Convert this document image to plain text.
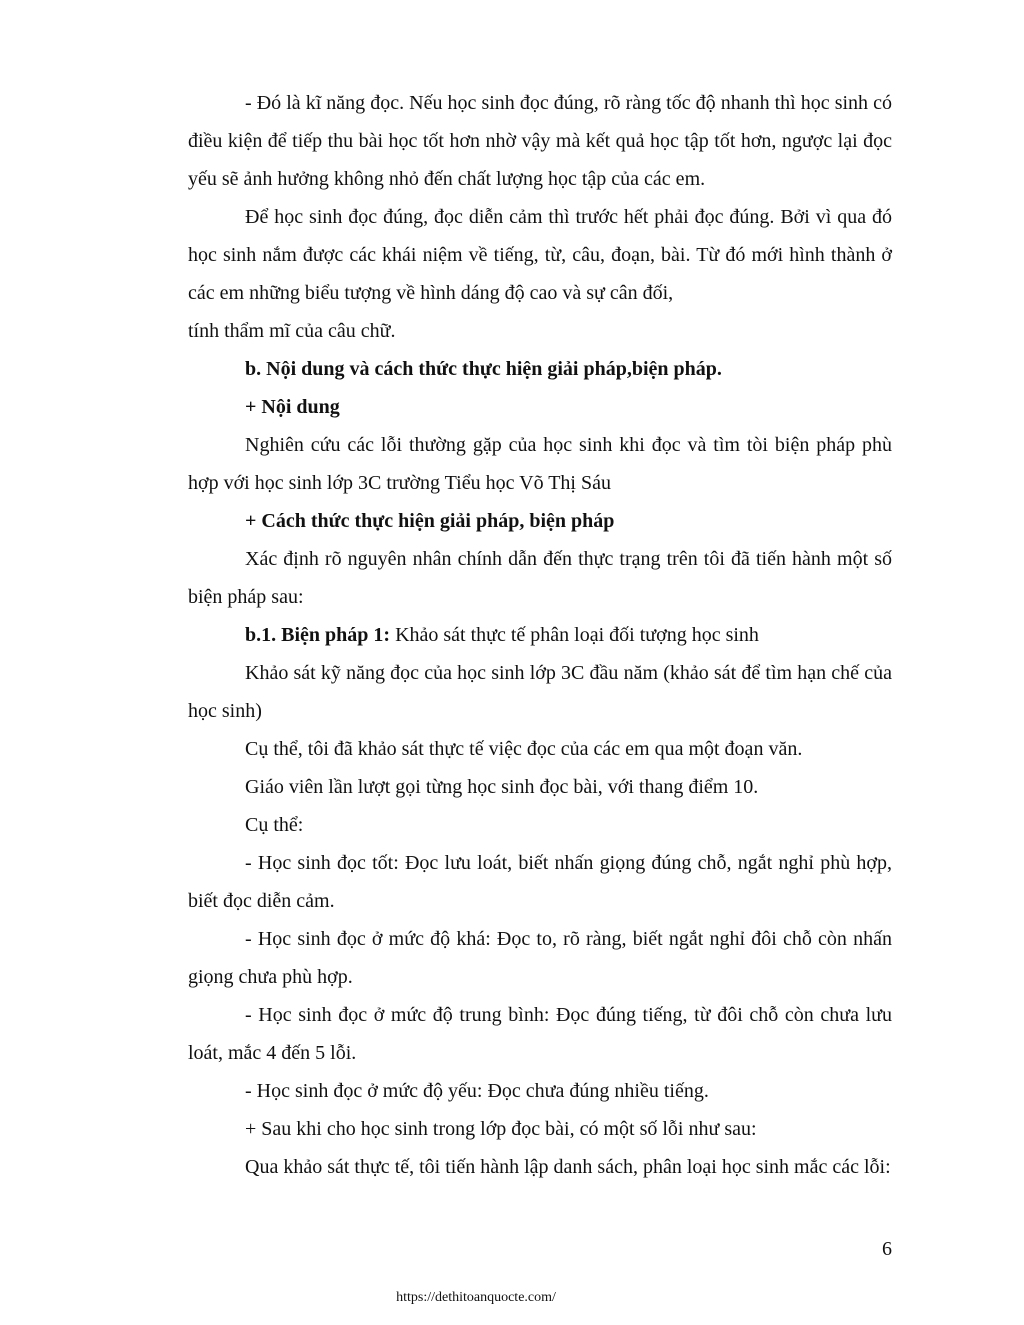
- Đó là kĩ năng đọc. Nếu học sinh đọc đúng, rõ ràng tốc độ nhanh thì học sinh có điều kiện để tiếp thu bài học tốt hơn nhờ vậy mà kết quả học tập tốt hơn, ngược lại đọc yếu sẽ ảnh hưởng không nhỏ đến chất lượng học tập của các em.

Để học sinh đọc đúng, đọc diễn cảm thì trước hết phải đọc đúng. Bởi vì qua đó học sinh nắm được các khái niệm về tiếng, từ, câu, đoạn, bài. Từ đó mới hình thành ở các em những biểu tượng về hình dáng độ cao và sự cân đối,

tính thẩm mĩ của câu chữ.

b. Nội dung và cách thức thực hiện giải pháp,biện pháp.

+ Nội dung

Nghiên cứu các lỗi thường gặp của học sinh khi đọc và tìm tòi biện pháp phù hợp với học sinh lớp 3C trường Tiểu học Võ Thị Sáu

+ Cách thức thực hiện giải pháp, biện pháp

Xác định rõ nguyên nhân chính dẫn đến thực trạng trên tôi đã tiến hành một số biện pháp sau:

b.1. Biện pháp 1: Khảo sát thực tế phân loại đối tượng học sinh

Khảo sát kỹ năng đọc của học sinh lớp 3C đầu năm (khảo sát để tìm hạn chế của học sinh)

Cụ thể, tôi đã khảo sát thực tế việc đọc của các em qua một đoạn văn.

Giáo viên lần lượt gọi từng học sinh đọc bài, với thang điểm 10.

Cụ thể:

- Học sinh đọc tốt: Đọc lưu loát, biết nhấn giọng đúng chỗ, ngắt nghỉ phù hợp, biết đọc diễn cảm.

- Học sinh đọc ở mức độ khá: Đọc to, rõ ràng, biết ngắt nghỉ đôi chỗ còn nhấn giọng chưa phù hợp.

- Học sinh đọc ở mức độ trung bình: Đọc đúng tiếng, từ đôi chỗ còn chưa lưu loát, mắc 4 đến 5 lỗi.

- Học sinh đọc ở mức độ yếu: Đọc chưa đúng nhiều tiếng.

+ Sau khi cho học sinh trong lớp đọc bài, có một số lỗi như sau:

Qua khảo sát thực tế, tôi tiến hành lập danh sách, phân loại học sinh mắc các lỗi:

6
https://dethitoanquocte.com/
